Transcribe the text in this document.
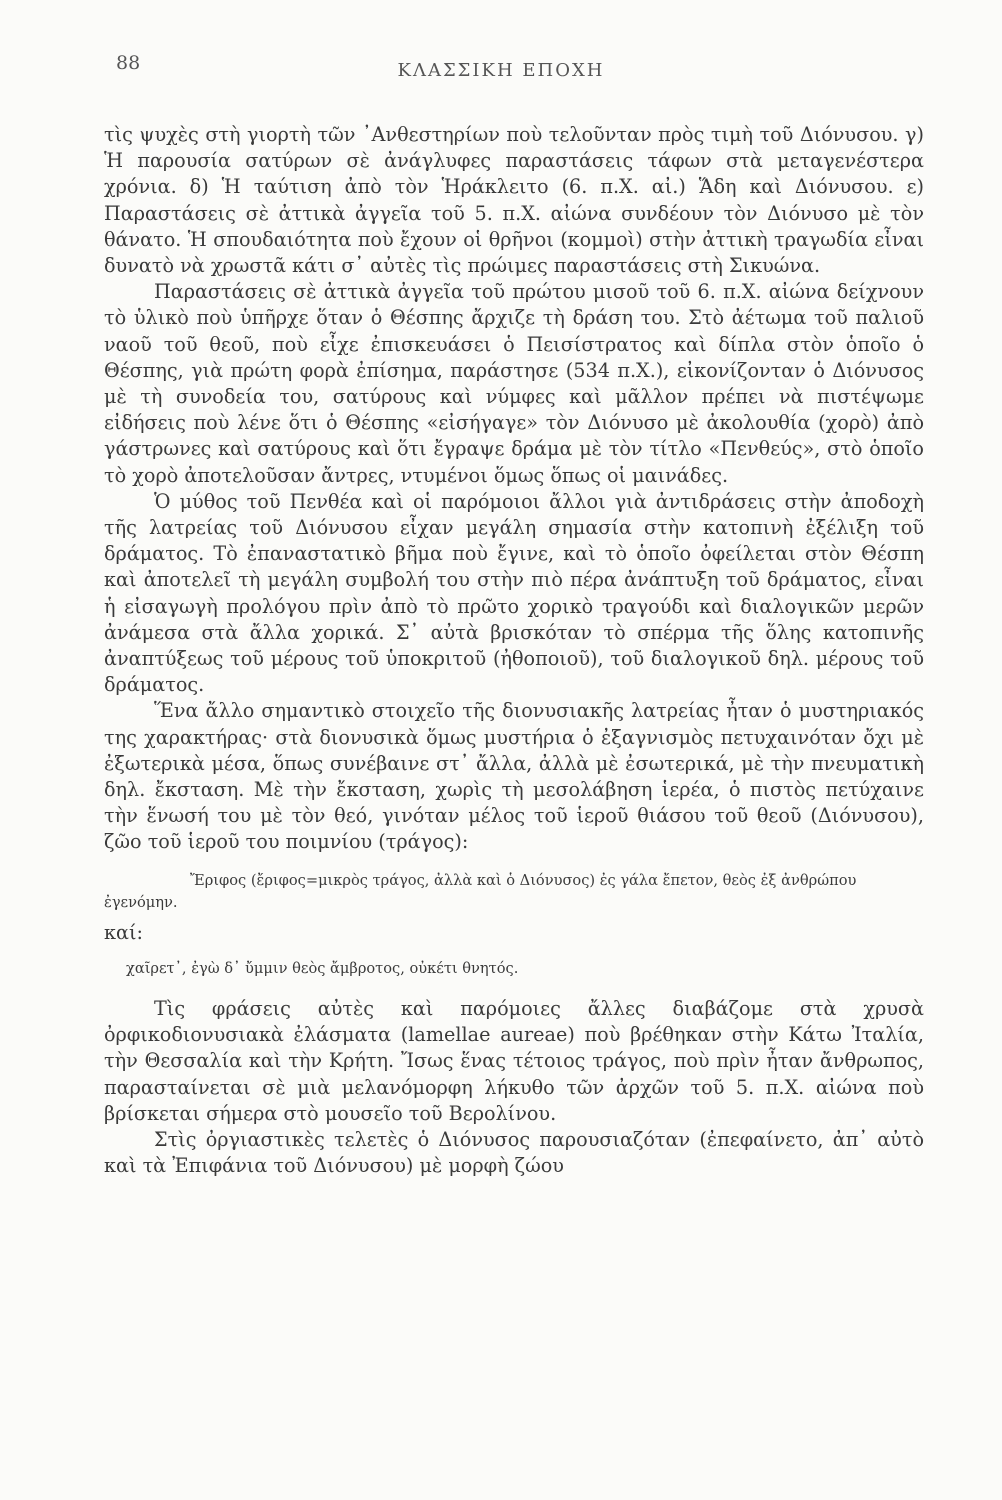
88	ΚΛΑΣΣΙΚΗ ΕΠΟΧΗ

τὶς ψυχὲς στὴ γιορτὴ τῶν ᾿Ανθεστηρίων ποὺ τελοῦνταν πρὸς τιμὴ τοῦ Διόνυσου. γ) Ἡ παρουσία σατύρων σὲ ἀνάγλυφες παραστάσεις τάφων στὰ μεταγενέστερα χρόνια. δ) Ἡ ταύτιση ἀπὸ τὸν Ἡράκλειτο (6. π.Χ. αἰ.) Ἅδη καὶ Διόνυσου. ε) Παραστάσεις σὲ ἀττικὰ ἀγγεῖα τοῦ 5. π.Χ. αἰώνα συνδέουν τὸν Διόνυσο μὲ τὸν θάνατο. Ἡ σπουδαιότητα ποὺ ἔχουν οἱ θρῆνοι (κομμοὶ) στὴν ἀττικὴ τραγωδία εἶναι δυνατὸ νὰ χρωστᾶ κάτι σ᾿ αὐτὲς τὶς πρώιμες παραστάσεις στὴ Σικυώνα.

Παραστάσεις σὲ ἀττικὰ ἀγγεῖα τοῦ πρώτου μισοῦ τοῦ 6. π.Χ. αἰώνα δείχνουν τὸ ὑλικὸ ποὺ ὑπῆρχε ὅταν ὁ Θέσπης ἄρχιζε τὴ δράση του. Στὸ ἀέτωμα τοῦ παλιοῦ ναοῦ τοῦ θεοῦ, ποὺ εἶχε ἐπισκευάσει ὁ Πεισίστρατος καὶ δίπλα στὸν ὁποῖο ὁ Θέσπης, γιὰ πρώτη φορὰ ἐπίσημα, παράστησε (534 π.Χ.), εἰκονίζονταν ὁ Διόνυσος μὲ τὴ συνοδεία του, σατύρους καὶ νύμφες καὶ μᾶλλον πρέπει νὰ πιστέψωμε εἰδήσεις ποὺ λένε ὅτι ὁ Θέσπης «εἰσήγαγε» τὸν Διόνυσο μὲ ἀκολουθία (χορὸ) ἀπὸ γάστρωνες καὶ σατύρους καὶ ὅτι ἔγραψε δράμα μὲ τὸν τίτλο «Πενθεύς», στὸ ὁποῖο τὸ χορὸ ἀποτελοῦσαν ἄντρες, ντυμένοι ὅμως ὅπως οἱ μαινάδες.

Ὁ μύθος τοῦ Πενθέα καὶ οἱ παρόμοιοι ἄλλοι γιὰ ἀντιδράσεις στὴν ἀποδοχὴ τῆς λατρείας τοῦ Διόνυσου εἶχαν μεγάλη σημασία στὴν κατοπινὴ ἐξέλιξη τοῦ δράματος. Τὸ ἐπαναστατικὸ βῆμα ποὺ ἔγινε, καὶ τὸ ὁποῖο ὀφείλεται στὸν Θέσπη καὶ ἀποτελεῖ τὴ μεγάλη συμβολή του στὴν πιὸ πέρα ἀνάπτυξη τοῦ δράματος, εἶναι ἡ εἰσαγωγὴ προλόγου πρὶν ἀπὸ τὸ πρῶτο χορικὸ τραγούδι καὶ διαλογικῶν μερῶν ἀνάμεσα στὰ ἄλλα χορικά. Σ᾿ αὐτὰ βρισκόταν τὸ σπέρμα τῆς ὅλης κατοπινῆς ἀναπτύξεως τοῦ μέρους τοῦ ὑποκριτοῦ (ἠθοποιοῦ), τοῦ διαλογικοῦ δηλ. μέρους τοῦ δράματος.

Ἕνα ἄλλο σημαντικὸ στοιχεῖο τῆς διονυσιακῆς λατρείας ἦταν ὁ μυστηριακός της χαρακτήρας· στὰ διονυσικὰ ὅμως μυστήρια ὁ ἐξαγνισμὸς πετυχαινόταν ὄχι μὲ ἐξωτερικὰ μέσα, ὅπως συνέβαινε στ᾿ ἄλλα, ἀλλὰ μὲ ἐσωτερικά, μὲ τὴν πνευματικὴ δηλ. ἔκσταση. Μὲ τὴν ἔκσταση, χωρὶς τὴ μεσολάβηση ἱερέα, ὁ πιστὸς πετύχαινε τὴν ἕνωσή του μὲ τὸν θεό, γινόταν μέλος τοῦ ἱεροῦ θιάσου τοῦ θεοῦ (Διόνυσου), ζῶο τοῦ ἱεροῦ του ποιμνίου (τράγος):

Ἔριφος (ἔριφος=μικρὸς τράγος, ἀλλὰ καὶ ὁ Διόνυσος) ἐς γάλα ἔπετον, θεὸς ἐξ ἀνθρώπου ἐγενόμην.

καί:

χαῖρετ᾿, ἐγὼ δ᾿ ὔμμιν θεὸς ἄμβροτος, οὐκέτι θνητός.

Τὶς φράσεις αὐτὲς καὶ παρόμοιες ἄλλες διαβάζομε στὰ χρυσὰ ὀρφικοδιονυσιακὰ ἐλάσματα (lamellae aureae) ποὺ βρέθηκαν στὴν Κάτω Ἰταλία, τὴν Θεσσαλία καὶ τὴν Κρήτη. Ἴσως ἕνας τέτοιος τράγος, ποὺ πρὶν ἦταν ἄνθρωπος, παρασταίνεται σὲ μιὰ μελανόμορφη λήκυθο τῶν ἀρχῶν τοῦ 5. π.Χ. αἰώνα ποὺ βρίσκεται σήμερα στὸ μουσεῖο τοῦ Βερολίνου.

Στὶς ὀργιαστικὲς τελετὲς ὁ Διόνυσος παρουσιαζόταν (ἐπεφαίνετο, ἀπ᾿ αὐτὸ καὶ τὰ Ἐπιφάνια τοῦ Διόνυσου) μὲ μορφὴ ζώου
